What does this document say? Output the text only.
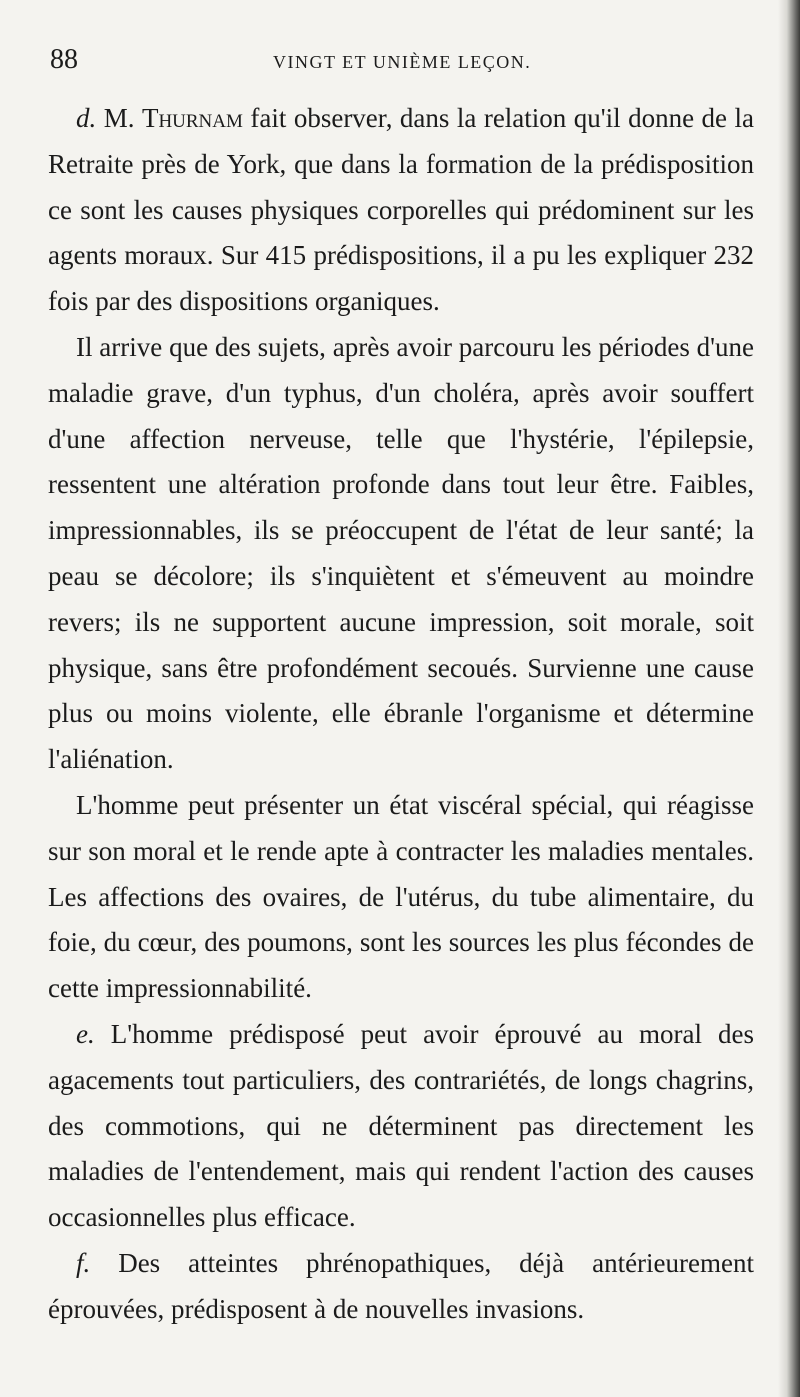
88	VINGT ET UNIÈME LEÇON.

d. M. Thurnam fait observer, dans la relation qu'il donne de la Retraite près de York, que dans la formation de la prédisposition ce sont les causes physiques corporelles qui prédominent sur les agents moraux. Sur 415 prédispositions, il a pu les expliquer 232 fois par des dispositions organiques.

Il arrive que des sujets, après avoir parcouru les périodes d'une maladie grave, d'un typhus, d'un choléra, après avoir souffert d'une affection nerveuse, telle que l'hystérie, l'épilepsie, ressentent une altération profonde dans tout leur être. Faibles, impressionnables, ils se préoccupent de l'état de leur santé; la peau se décolore; ils s'inquiètent et s'émeuvent au moindre revers; ils ne supportent aucune impression, soit morale, soit physique, sans être profondément secoués. Survienne une cause plus ou moins violente, elle ébranle l'organisme et détermine l'aliénation.

L'homme peut présenter un état viscéral spécial, qui réagisse sur son moral et le rende apte à contracter les maladies mentales. Les affections des ovaires, de l'utérus, du tube alimentaire, du foie, du cœur, des poumons, sont les sources les plus fécondes de cette impressionnabilité.

e. L'homme prédisposé peut avoir éprouvé au moral des agacements tout particuliers, des contrariétés, de longs chagrins, des commotions, qui ne déterminent pas directement les maladies de l'entendement, mais qui rendent l'action des causes occasionnelles plus efficace.

f. Des atteintes phrénopathiques, déjà antérieurement éprouvées, prédisposent à de nouvelles invasions.
